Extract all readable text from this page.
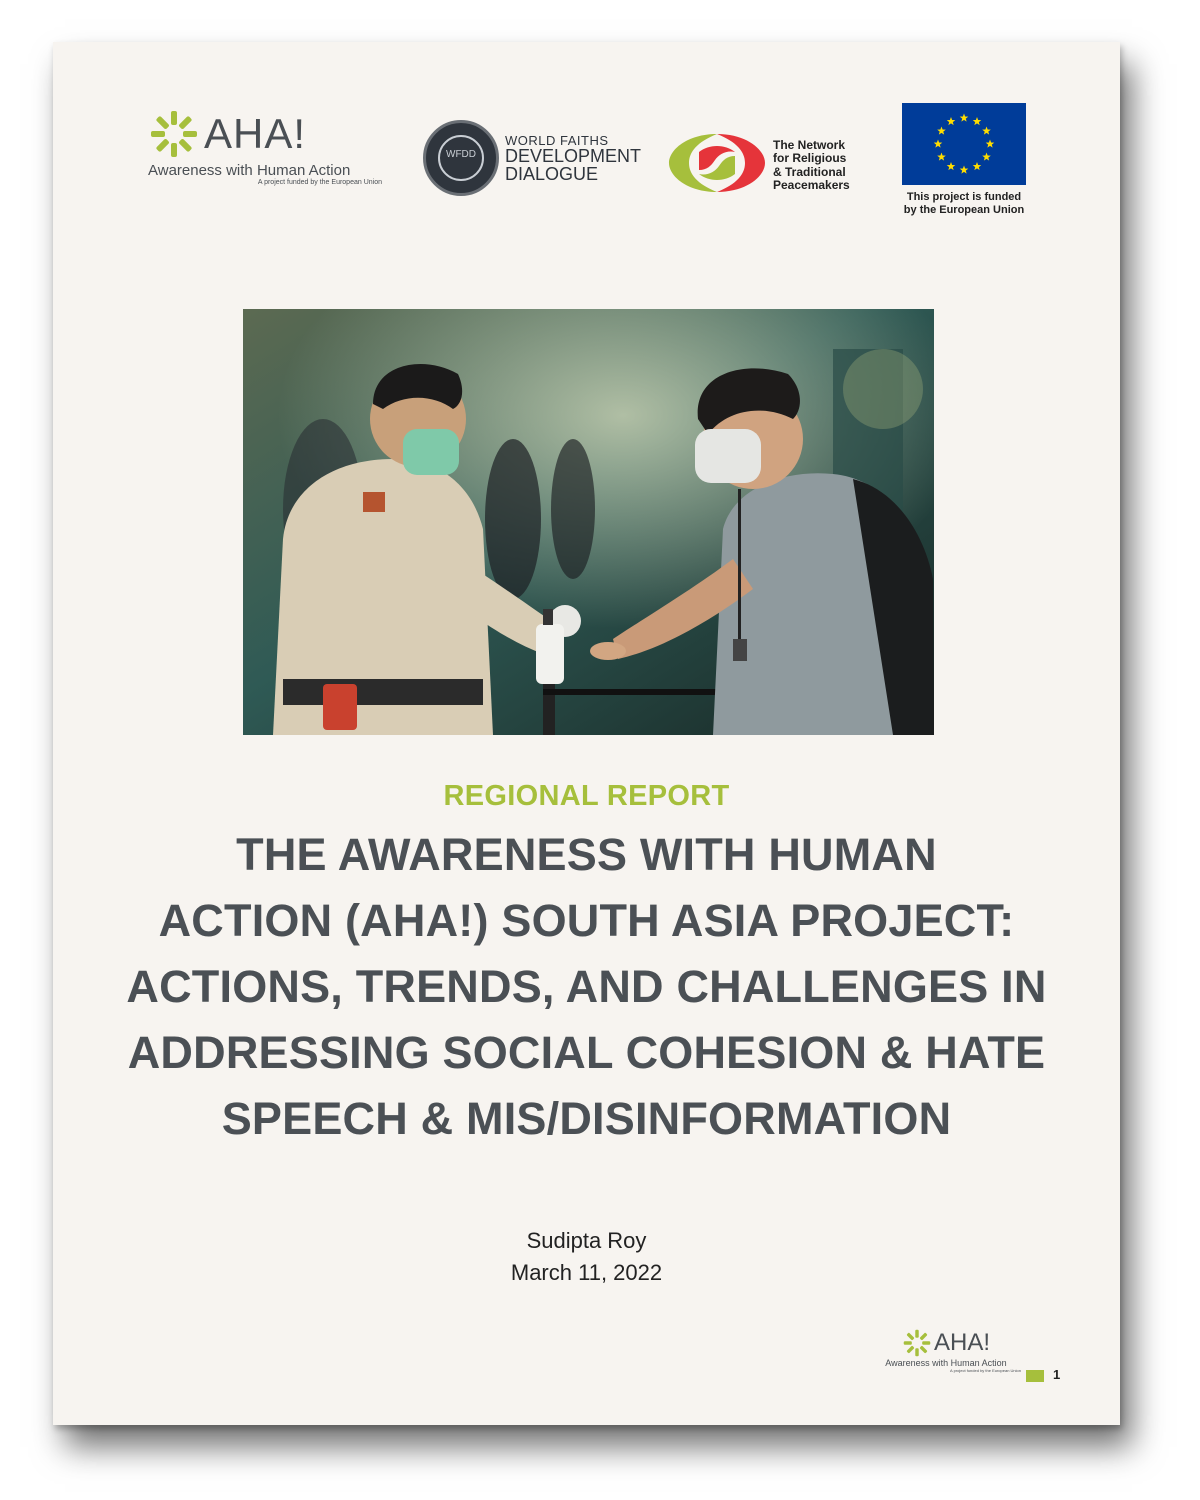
AHA!
Awareness with Human Action
A project funded by the European Union
WFDD
WORLD FAITHS
DEVELOPMENT
DIALOGUE
The Network
for Religious
& Traditional
Peacemakers
This project is funded
by the European Union
REGIONAL REPORT
THE AWARENESS WITH HUMAN
ACTION (AHA!) SOUTH ASIA PROJECT:
ACTIONS, TRENDS, AND CHALLENGES IN
ADDRESSING SOCIAL COHESION & HATE
SPEECH & MIS/DISINFORMATION
Sudipta Roy
March 11, 2022
AHA!
Awareness with Human Action
A project funded by the European Union 1
